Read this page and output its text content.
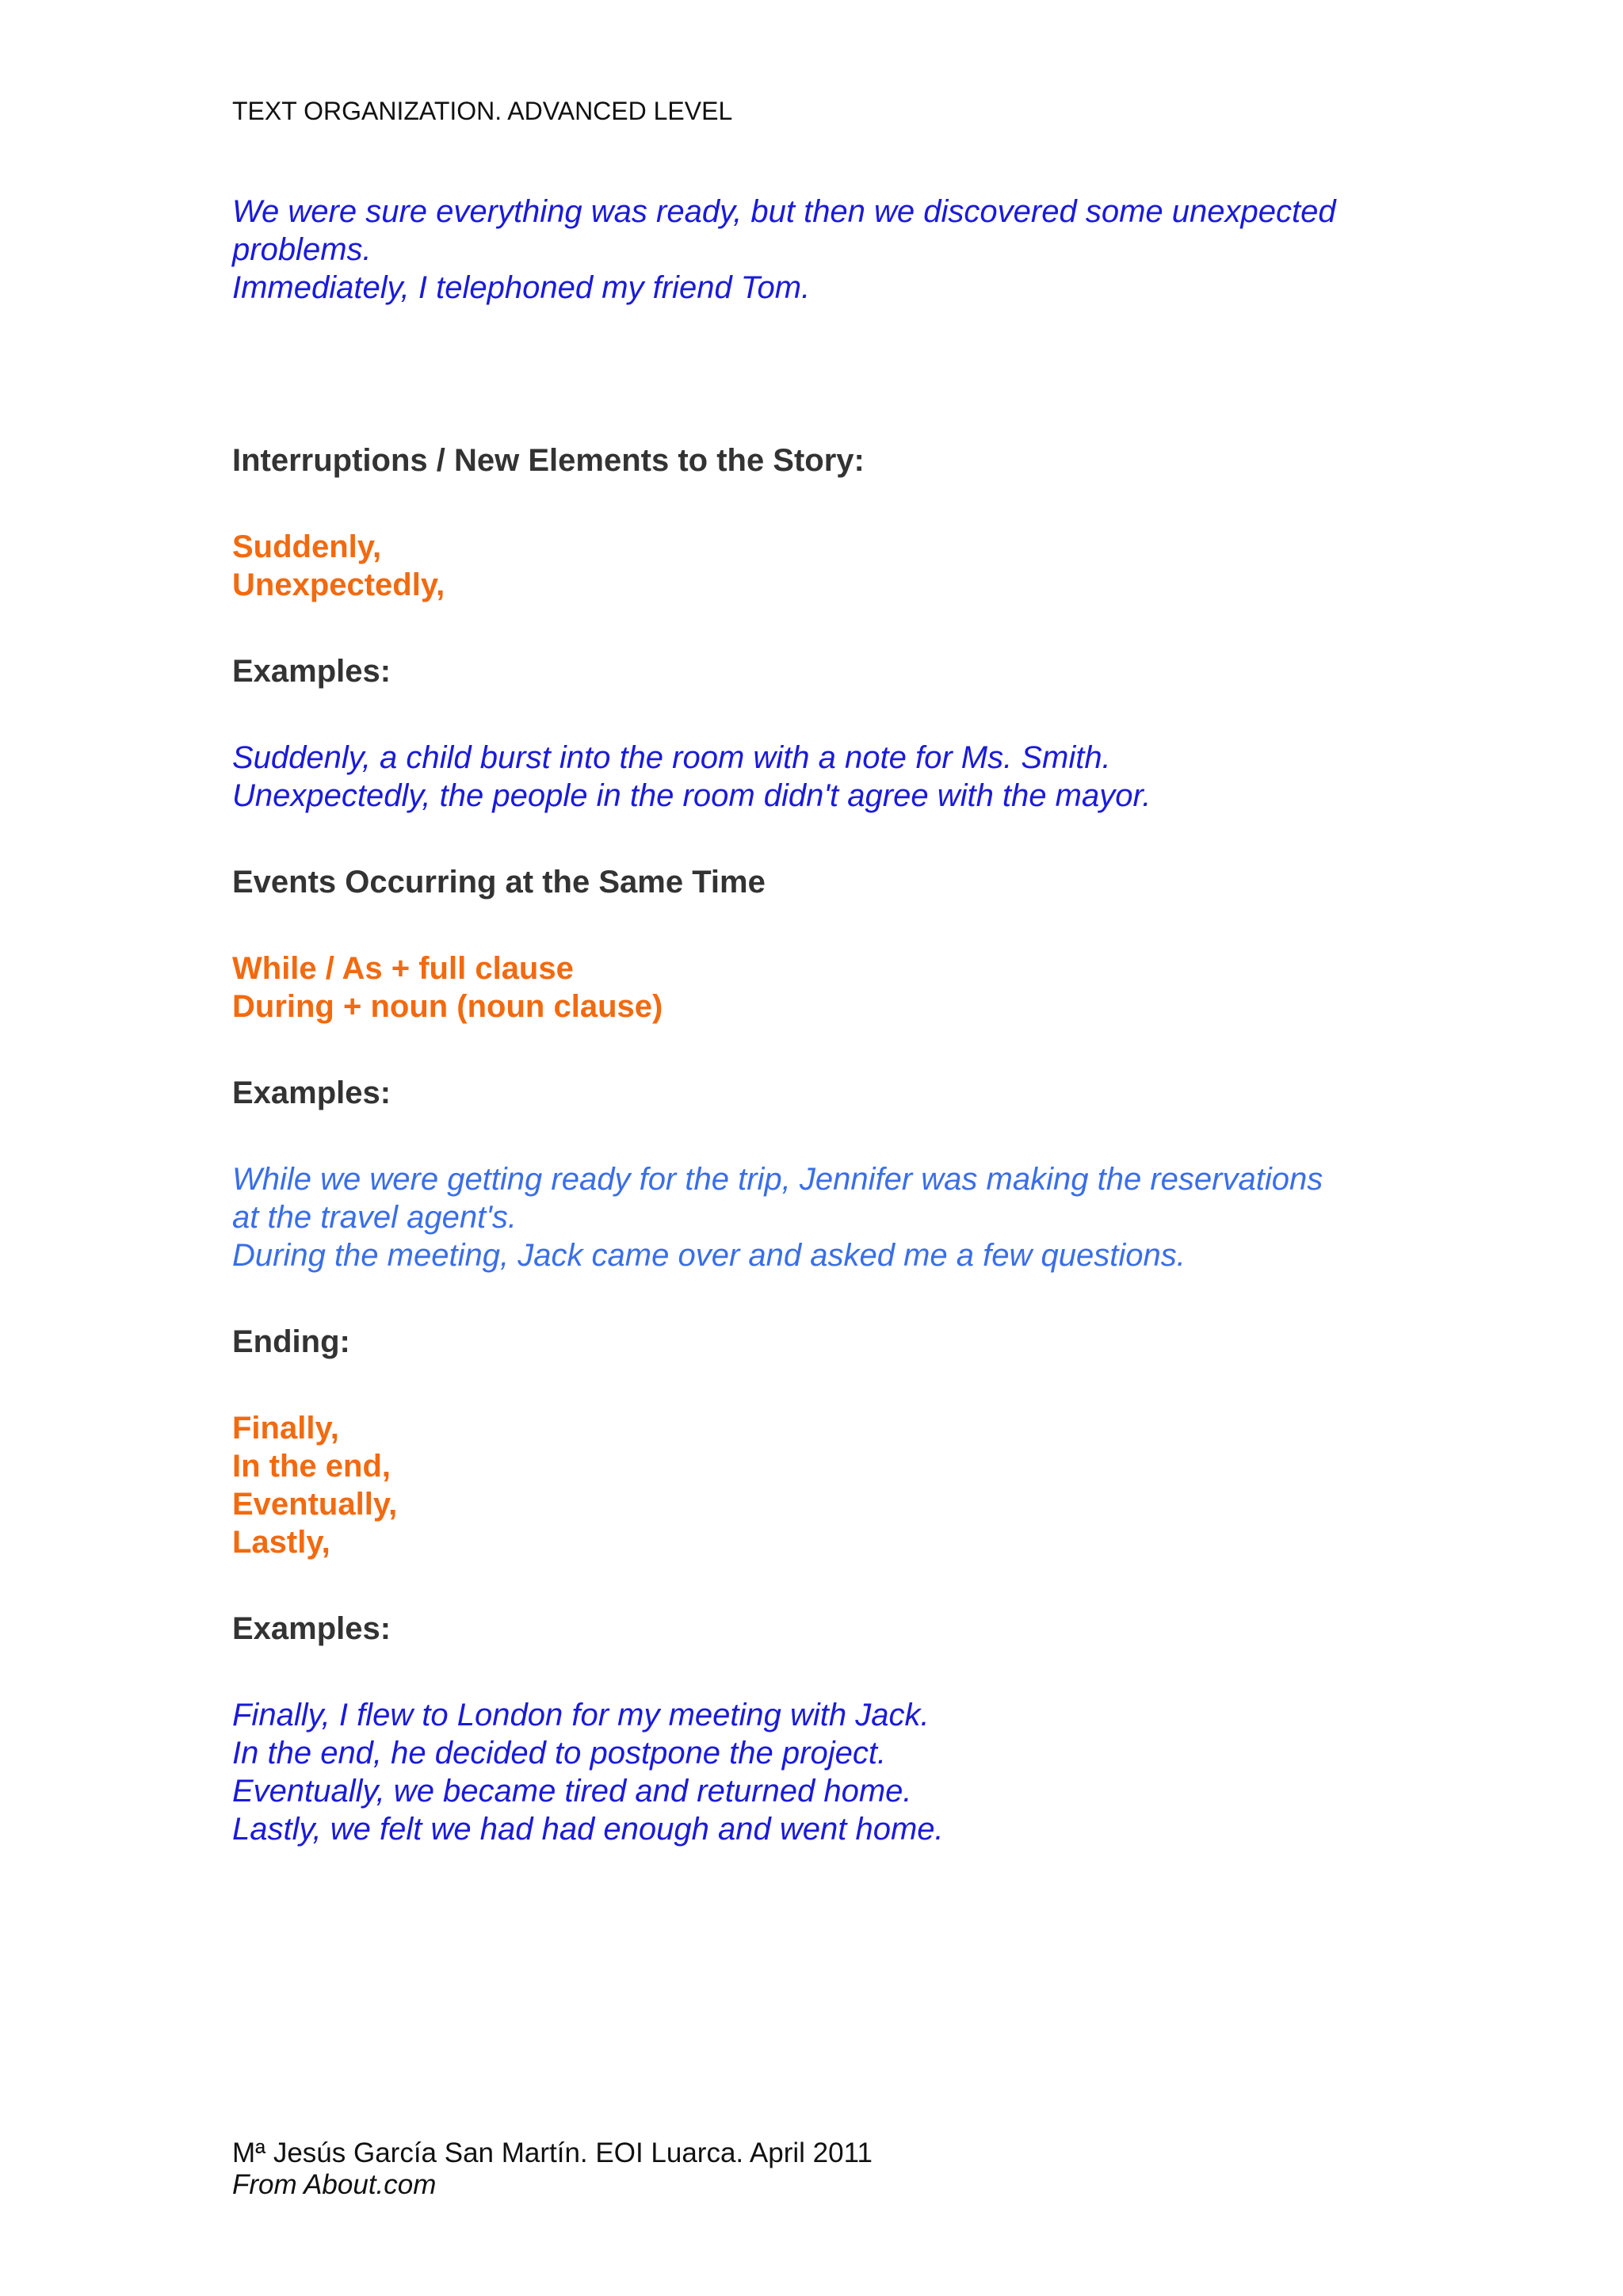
TEXT ORGANIZATION. ADVANCED LEVEL
We were sure everything was ready, but then we discovered some unexpected
problems.
Immediately, I telephoned my friend Tom.
Interruptions / New Elements to the Story:
Suddenly,
Unexpectedly,
Examples:
Suddenly, a child burst into the room with a note for Ms. Smith.
Unexpectedly, the people in the room didn't agree with the mayor.
Events Occurring at the Same Time
While / As + full clause
During + noun (noun clause)
Examples:
While we were getting ready for the trip, Jennifer was making the reservations
at the travel agent's.
During the meeting, Jack came over and asked me a few questions.
Ending:
Finally,
In the end,
Eventually,
Lastly,
Examples:
Finally, I flew to London for my meeting with Jack.
In the end, he decided to postpone the project.
Eventually, we became tired and returned home.
Lastly, we felt we had had enough and went home.
Mª Jesús García San Martín. EOI Luarca. April 2011
From About.com
